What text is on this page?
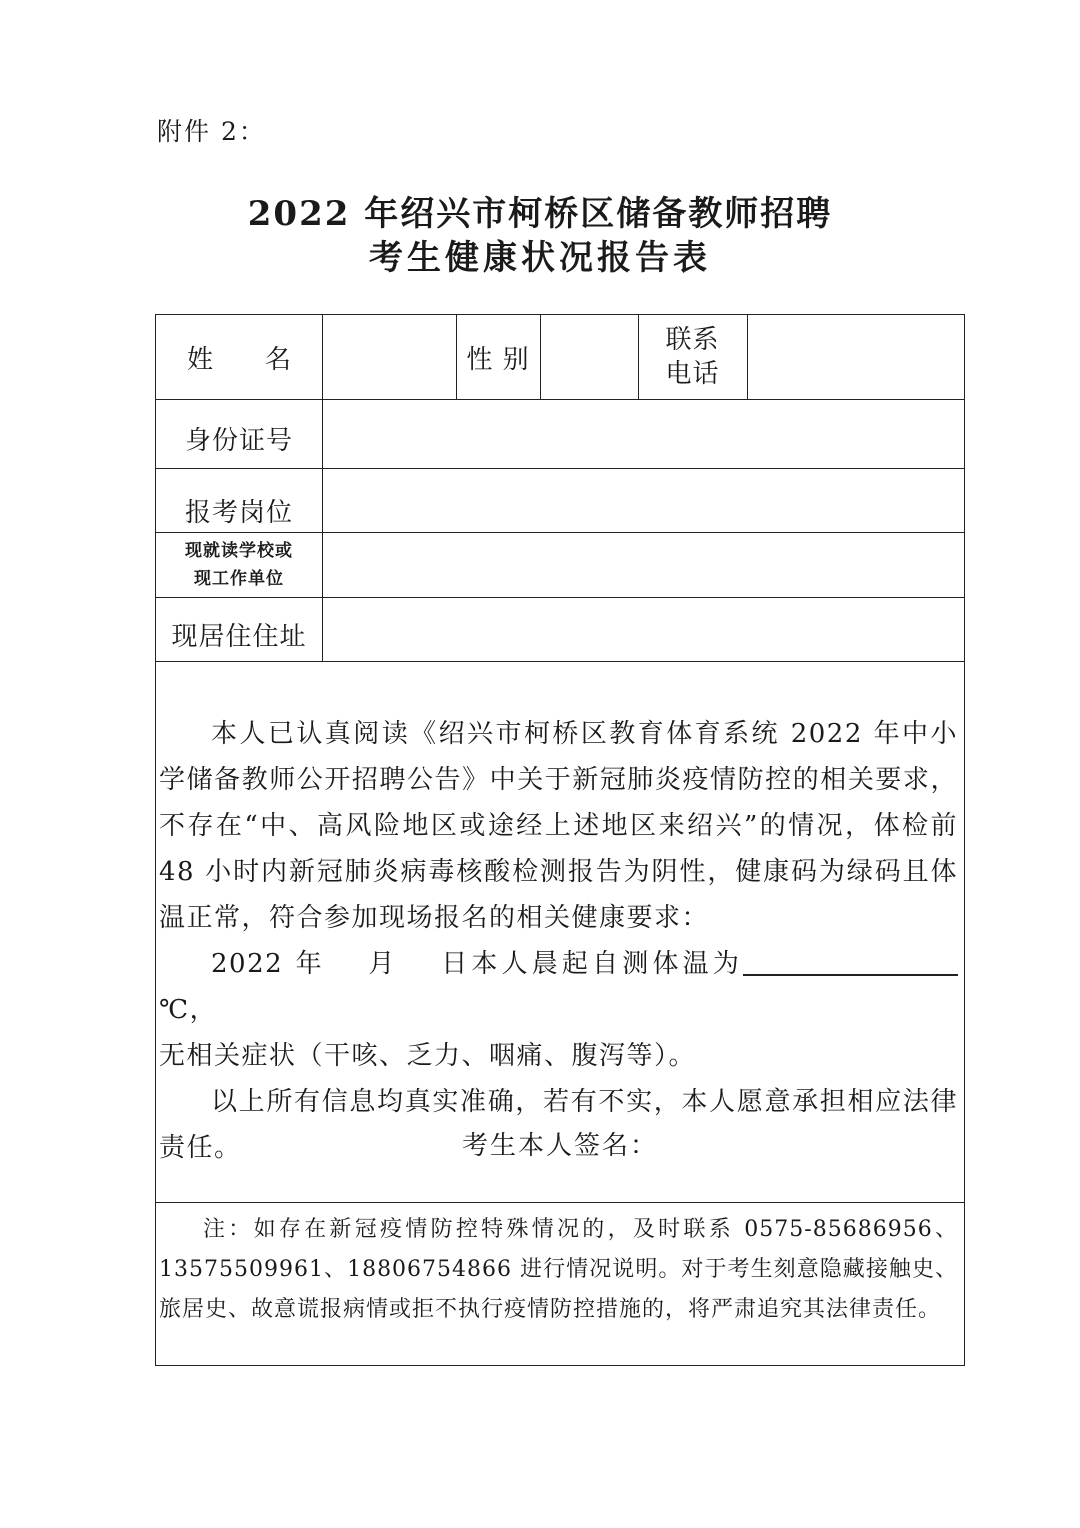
附件 2：
2022 年绍兴市柯桥区储备教师招聘
考生健康状况报告表
姓　　名	性 别
联系
电话
身份证号
报考岗位
现就读学校或
现工作单位
现居住住址

本人已认真阅读《绍兴市柯桥区教育体育系统 2022 年中小学储备教师公开招聘公告》中关于新冠肺炎疫情防控的相关要求，不存在“中、高风险地区或途经上述地区来绍兴”的情况，体检前 48 小时内新冠肺炎病毒核酸检测报告为阴性，健康码为绿码且体温正常，符合参加现场报名的相关健康要求：

2022 年　 月　 日本人晨起自测体温为℃，

无相关症状（干咳、乏力、咽痛、腹泻等）。

以上所有信息均真实准确，若有不实，本人愿意承担相应法律责任。	考生本人签名：

注：如存在新冠疫情防控特殊情况的，及时联系 0575-85686956、13575509961、18806754866 进行情况说明。对于考生刻意隐藏接触史、旅居史、故意谎报病情或拒不执行疫情防控措施的，将严肃追究其法律责任。
